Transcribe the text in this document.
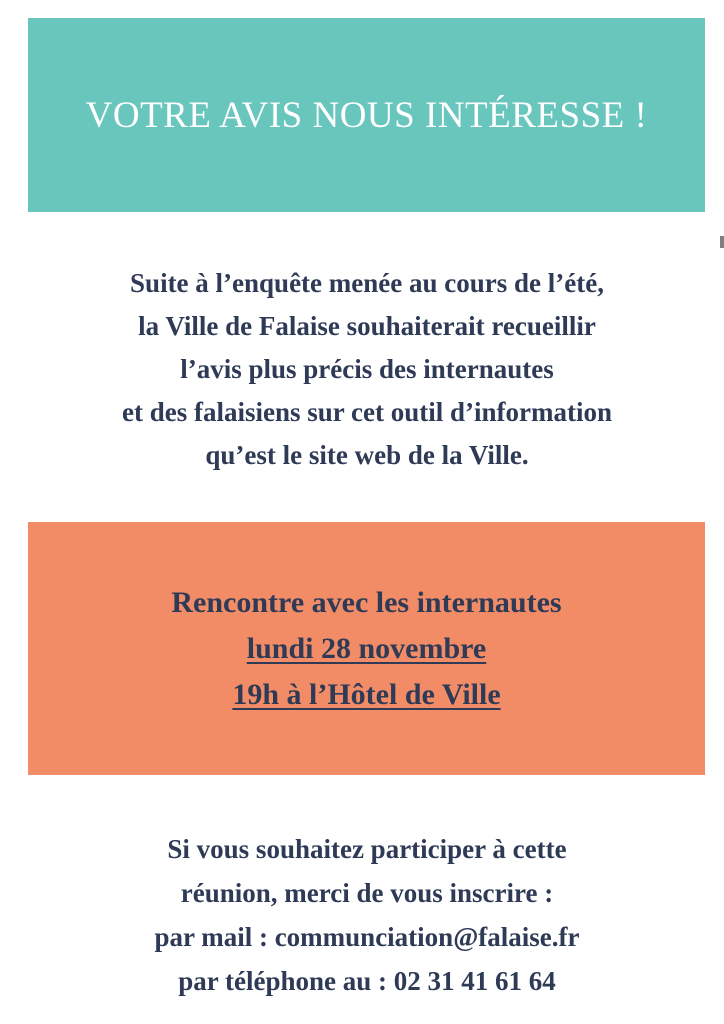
VOTRE AVIS NOUS INTÉRESSE !
Suite à l’enquête menée au cours de l’été,
la Ville de Falaise souhaiterait recueillir
l’avis plus précis des internautes
et des falaisiens sur cet outil d’information
qu’est le site web de la Ville.
Rencontre avec les internautes
lundi 28 novembre
19h à l’Hôtel de Ville
Si vous souhaitez participer à cette
réunion, merci de vous inscrire :
par mail : communciation@falaise.fr
par téléphone au : 02 31 41 61 64
